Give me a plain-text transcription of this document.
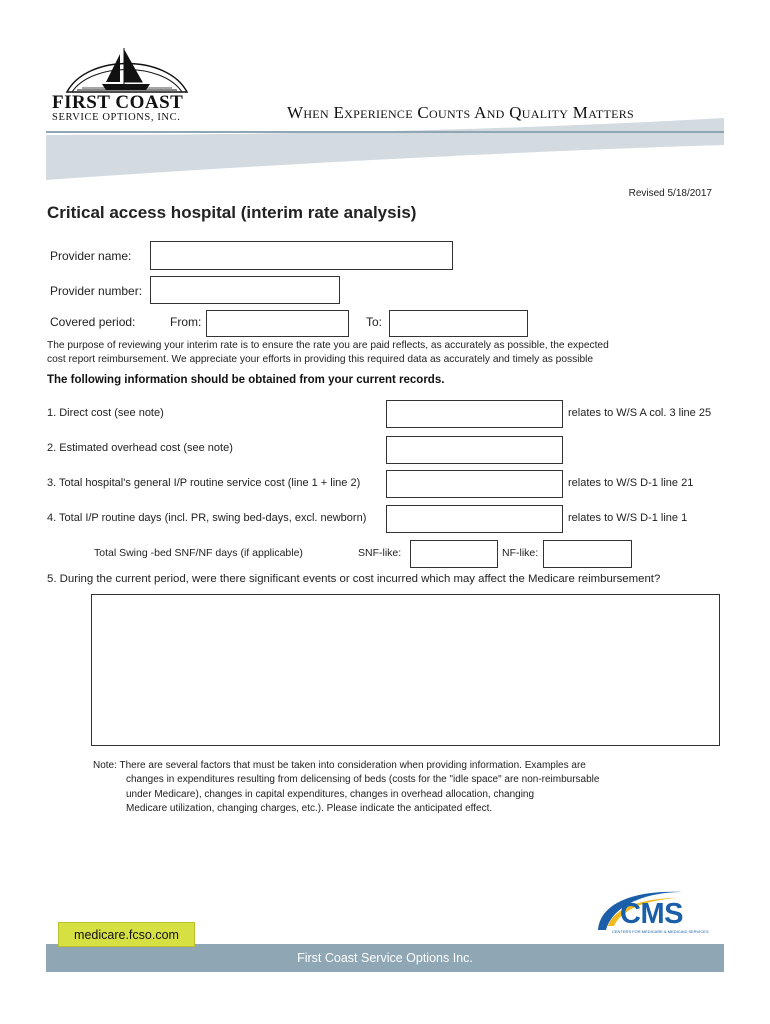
FIRST COAST
SERVICE OPTIONS, INC.	When Experience Counts And Quality Matters
Revised 5/18/2017
Critical access hospital (interim rate analysis)
Provider name:
Provider number:
Covered period:	From:	To:
The purpose of reviewing your interim rate is to ensure the rate you are paid reflects, as accurately as possible, the expected
cost report reimbursement. We appreciate your efforts in providing this required data as accurately and timely as possible
The following information should be obtained from your current records.
1. Direct cost (see note)	relates to W/S A col. 3 line 25
2. Estimated overhead cost (see note)
3. Total hospital's general I/P routine service cost (line 1 + line 2)	relates to W/S D-1 line 21
4. Total I/P routine days (incl. PR, swing bed-days, excl. newborn)	relates to W/S D-1 line 1
Total Swing -bed SNF/NF days (if applicable)	SNF-like:	NF-like:
5. During the current period, were there significant events or cost incurred which may affect the Medicare reimbursement?
Note: There are several factors that must be taken into consideration when providing information. Examples are
changes in expenditures resulting from delicensing of beds (costs for the "idle space" are non-reimbursable
under Medicare), changes in capital expenditures, changes in overhead allocation, changing
Medicare utilization, changing charges, etc.). Please indicate the anticipated effect.
CMS
CENTERS FOR MEDICARE & MEDICAID SERVICES
First Coast Service Options Inc.
medicare.fcso.com
